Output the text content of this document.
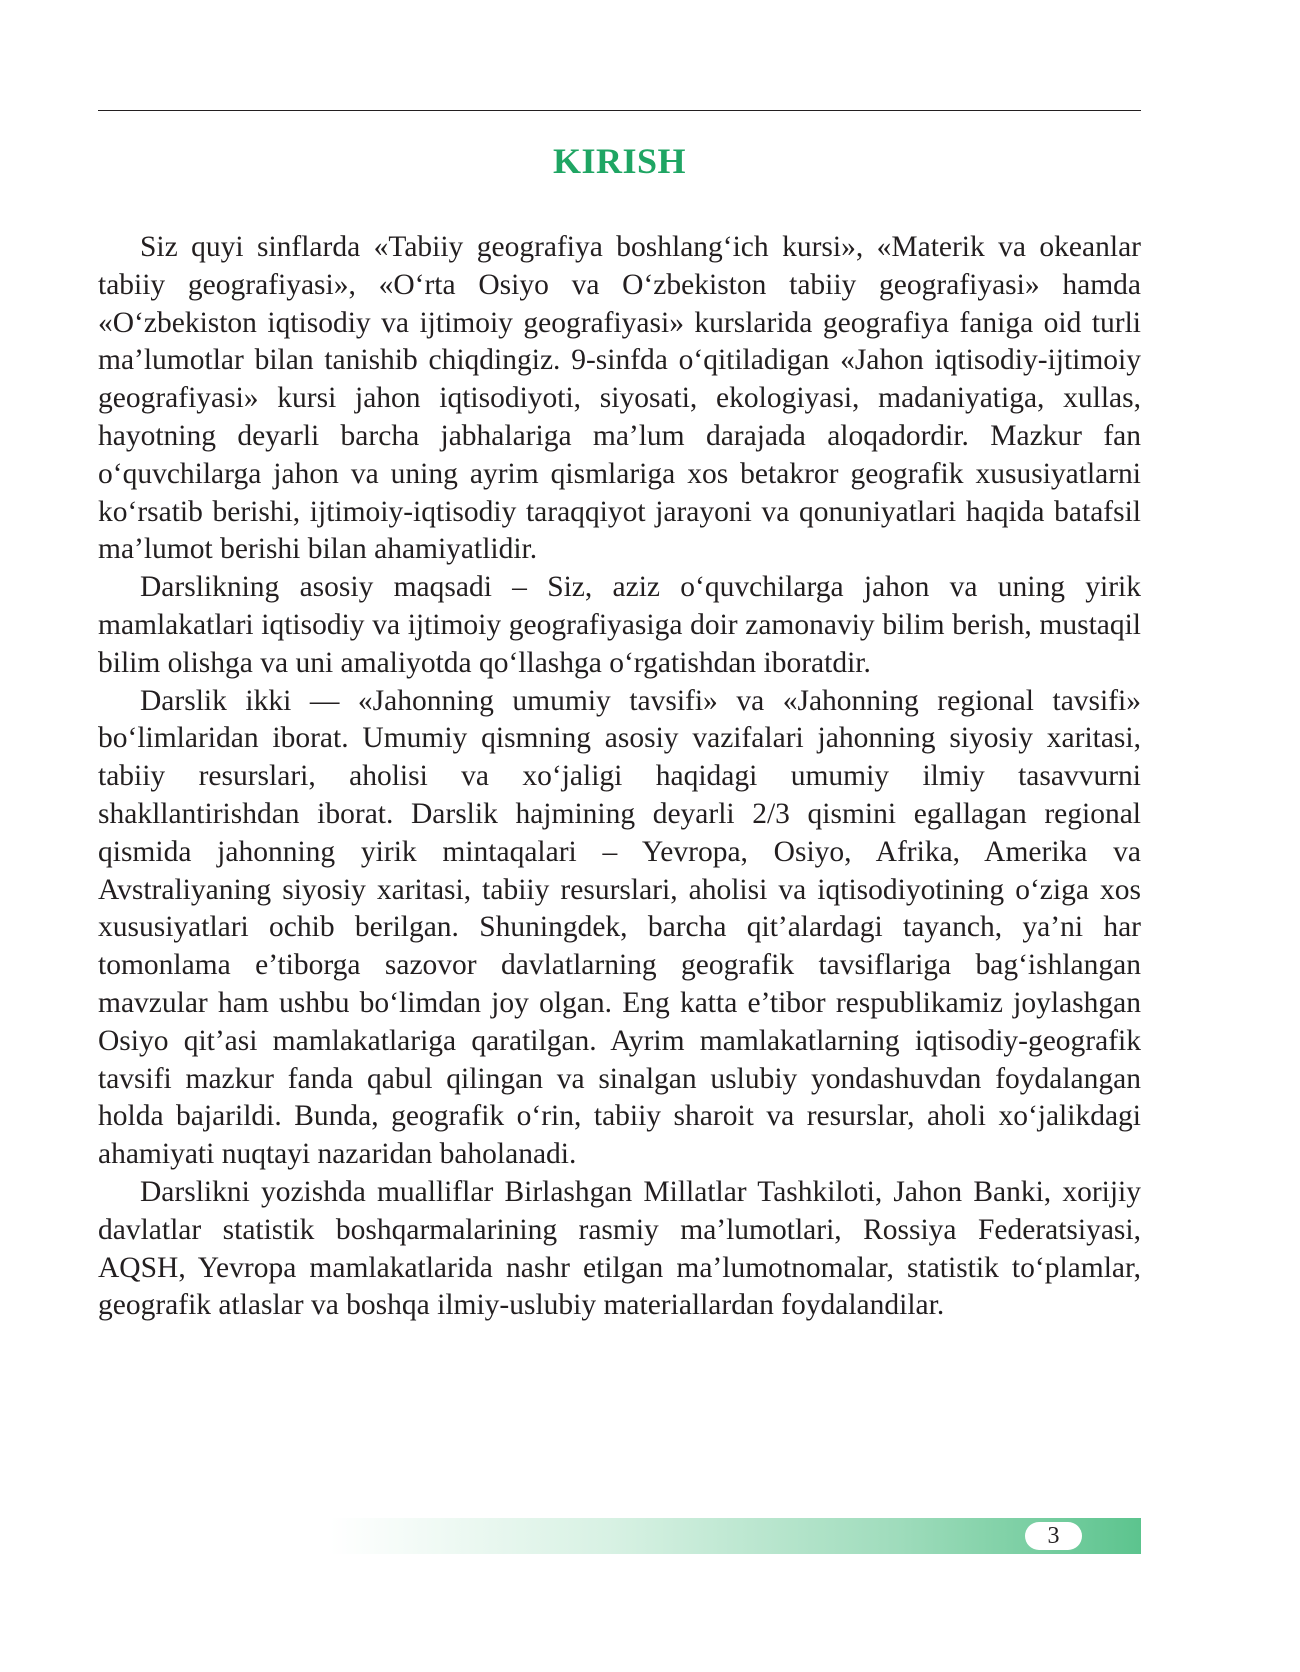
KIRISH

Siz quyi sinflarda «Tabiiy geografiya boshlang‘ich kursi», «Materik va okeanlar tabiiy geografiyasi», «O‘rta Osiyo va O‘zbekiston tabiiy geografiyasi» hamda «O‘zbekiston iqtisodiy va ijtimoiy geografiyasi» kurslarida geografiya faniga oid turli ma’lumotlar bilan tanishib chiqdingiz. 9-sinfda o‘qitiladigan «Jahon iqtisodiy-ijtimoiy geografiyasi» kursi jahon iqtisodiyoti, siyosati, ekologiyasi, madaniyatiga, xullas, hayotning deyarli barcha jabhalariga ma’lum darajada aloqadordir. Mazkur fan o‘quvchilarga jahon va uning ayrim qismlariga xos betakror geografik xususiyatlarni ko‘rsatib berishi, ijtimoiy-iqtisodiy taraqqiyot jarayoni va qonuniyatlari haqida batafsil ma’lumot berishi bilan ahamiyatlidir.

Darslikning asosiy maqsadi – Siz, aziz o‘quvchilarga jahon va uning yirik mamlakatlari iqtisodiy va ijtimoiy geografiyasiga doir zamonaviy bilim berish, mustaqil bilim olishga va uni amaliyotda qo‘llashga o‘rgatishdan iboratdir.

Darslik ikki — «Jahonning umumiy tavsifi» va «Jahonning regional tavsifi» bo‘limlaridan iborat. Umumiy qismning asosiy vazifalari jahonning siyosiy xaritasi, tabiiy resurslari, aholisi va xo‘jaligi haqidagi umumiy ilmiy tasavvurni shakllantirishdan iborat. Darslik hajmining deyarli 2/3 qismini egallagan regional qismida jahonning yirik mintaqalari – Yevropa, Osiyo, Afrika, Amerika va Avstraliyaning siyosiy xaritasi, tabiiy resurslari, aholisi va iqtisodiyotining o‘ziga xos xususiyatlari ochib berilgan. Shuningdek, barcha qit’alardagi tayanch, ya’ni har tomonlama e’tiborga sazovor davlatlarning geografik tavsiflariga bag‘ishlangan mavzular ham ushbu bo‘limdan joy olgan. Eng katta e’tibor respublikamiz joylashgan Osiyo qit’asi mamlakatlariga qaratilgan. Ayrim mamlakatlarning iqtisodiy-geografik tavsifi mazkur fanda qabul qilingan va sinalgan uslubiy yondashuvdan foydalangan holda bajarildi. Bunda, geografik o‘rin, tabiiy sharoit va resurslar, aholi xo‘jalikdagi ahamiyati nuqtayi nazaridan baholanadi.

Darslikni yozishda mualliflar Birlashgan Millatlar Tashkiloti, Jahon Banki, xorijiy davlatlar statistik boshqarmalarining rasmiy ma’lumotlari, Rossiya Federatsiyasi, AQSH, Yevropa mamlakatlarida nashr etilgan ma’lumotnomalar, statistik to‘plamlar, geografik atlaslar va boshqa ilmiy-uslubiy materiallardan foydalandilar.

3
